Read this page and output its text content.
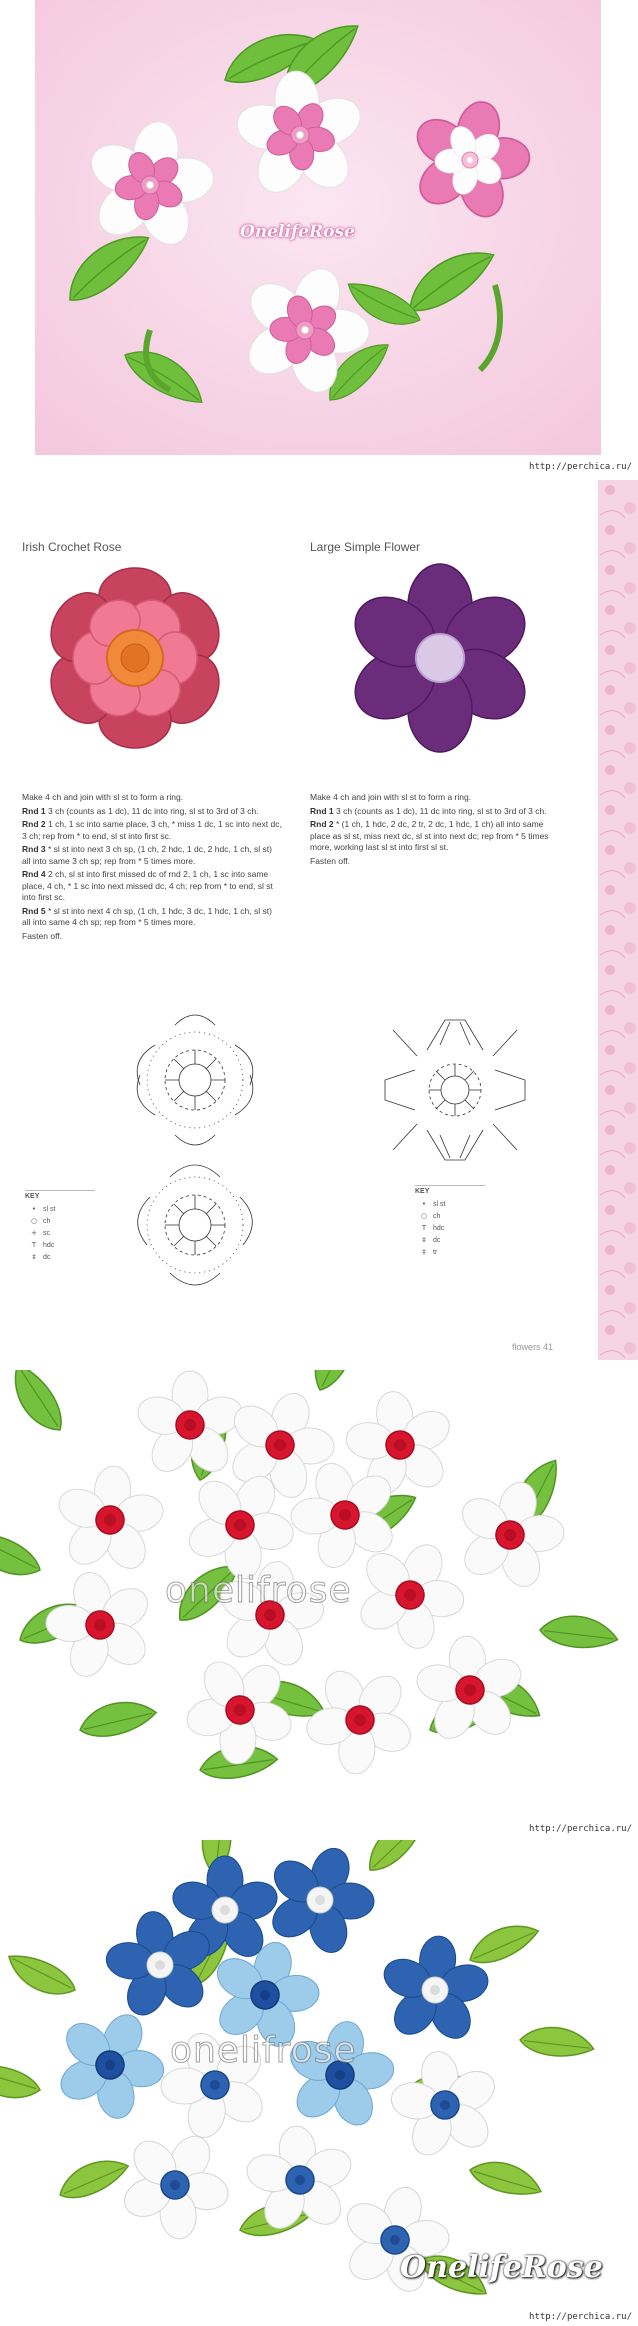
OnelifeRose
http://perchica.ru/
Irish Crochet Rose	Large Simple Flower

Make 4 ch and join with sl st to form a ring.

Rnd 1 3 ch (counts as 1 dc), 11 dc into ring, sl st to 3rd of 3 ch.

Rnd 2 1 ch, 1 sc into same place, 3 ch, * miss 1 dc, 1 sc into next dc, 3 ch; rep from * to end, sl st into first sc.

Rnd 3 * sl st into next 3 ch sp, (1 ch, 2 hdc, 1 dc, 2 hdc, 1 ch, sl st) all into same 3 ch sp; rep from * 5 times more.

Rnd 4 2 ch, sl st into first missed dc of rnd 2, 1 ch, 1 sc into same place, 4 ch, * 1 sc into next missed dc, 4 ch; rep from * to end, sl st into first sc.

Rnd 5 * sl st into next 4 ch sp, (1 ch, 1 hdc, 3 dc, 1 hdc, 1 ch, sl st) all into same 4 ch sp; rep from * 5 times more.

Fasten off.

Make 4 ch and join with sl st to form a ring.

Rnd 1 3 ch (counts as 1 dc), 11 dc into ring, sl st to 3rd of 3 ch.

Rnd 2 * (1 ch, 1 hdc, 2 dc, 2 tr, 2 dc, 1 hdc, 1 ch) all into same place as sl st, miss next dc, sl st into next dc; rep from * 5 times more, working last sl st into first sl st.

Fasten off.

KEY
• sl st
○ ch
+ sc
T hdc
‡	dc
KEY
• sl st
○ ch
T hdc
‡	dc
‡	tr
flowers 41
onelifrose
http://perchica.ru/
onelifrose
OnelifeRose
http://perchica.ru/
